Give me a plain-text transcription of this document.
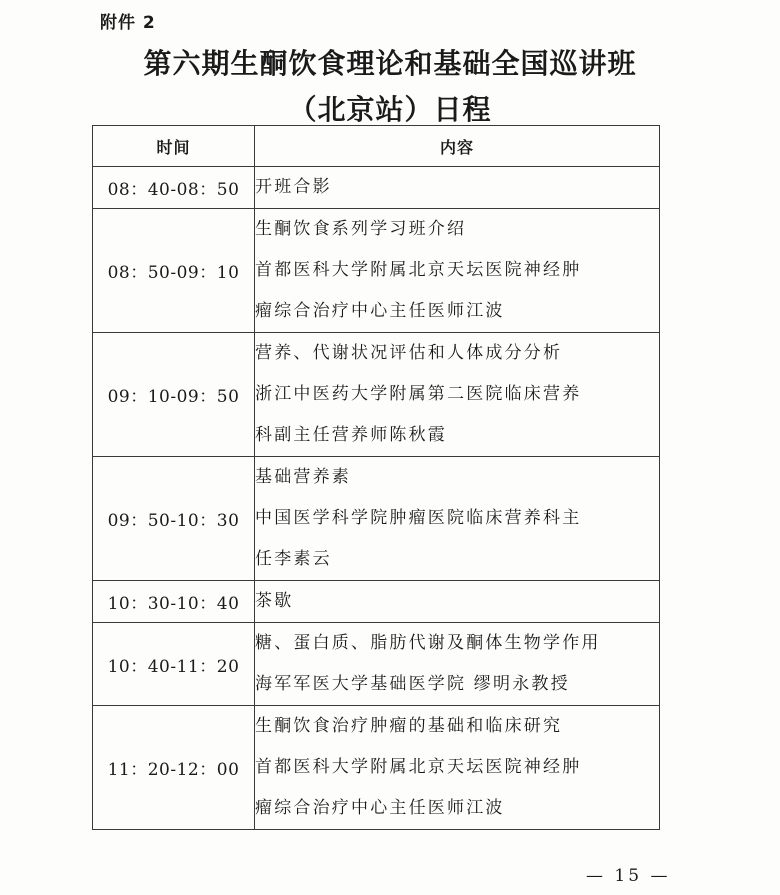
附件 2
第六期生酮饮食理论和基础全国巡讲班
（北京站）日程
时间	内容
08：40-08：50	开班合影

08：50-09：10	生酮饮食系列学习班介绍
首都医科大学附属北京天坛医院神经肿
瘤综合治疗中心主任医师江波

09：10-09：50	营养、代谢状况评估和人体成分分析
浙江中医药大学附属第二医院临床营养
科副主任营养师陈秋霞

09：50-10：30	基础营养素
中国医学科学院肿瘤医院临床营养科主
任李素云

10：30-10：40	茶歇

10：40-11：20	糖、蛋白质、脂肪代谢及酮体生物学作用
海军军医大学基础医学院 缪明永教授

11：20-12：00	生酮饮食治疗肿瘤的基础和临床研究
首都医科大学附属北京天坛医院神经肿
瘤综合治疗中心主任医师江波
— 15 —
